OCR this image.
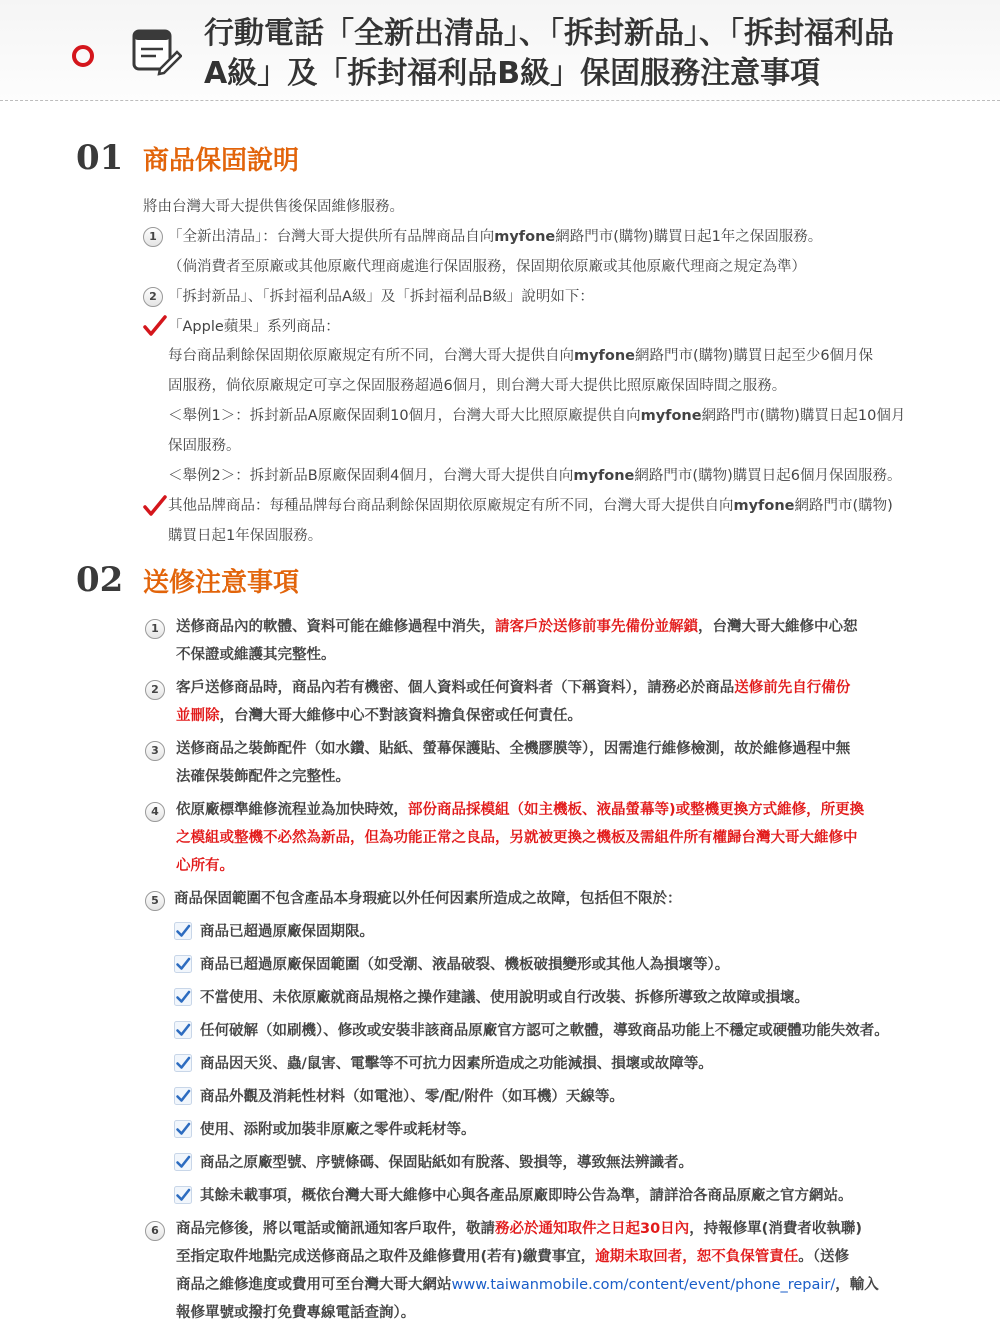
行動電話「全新出清品」、「拆封新品」、「拆封福利品
A級」及「拆封福利品B級」保固服務注意事項
01 商品保固說明
將由台灣大哥大提供售後保固維修服務。
1 「全新出清品」：台灣大哥大提供所有品牌商品自向myfone網路門市(購物)購買日起1年之保固服務。
（倘消費者至原廠或其他原廠代理商處進行保固服務，保固期依原廠或其他原廠代理商之規定為準）
2 「拆封新品」、「拆封福利品A級」及「拆封福利品B級」說明如下：
「Apple蘋果」系列商品：
每台商品剩餘保固期依原廠規定有所不同，台灣大哥大提供自向myfone網路門市(購物)購買日起至少6個月保
固服務，倘依原廠規定可享之保固服務超過6個月，則台灣大哥大提供比照原廠保固時間之服務。
＜舉例1＞：拆封新品A原廠保固剩10個月，台灣大哥大比照原廠提供自向myfone網路門市(購物)購買日起10個月
保固服務。
＜舉例2＞：拆封新品B原廠保固剩4個月，台灣大哥大提供自向myfone網路門市(購物)購買日起6個月保固服務。
其他品牌商品：每種品牌每台商品剩餘保固期依原廠規定有所不同，台灣大哥大提供自向myfone網路門市(購物)
購買日起1年保固服務。
02 送修注意事項
1	送修商品內的軟體、資料可能在維修過程中消失，請客戶於送修前事先備份並解鎖，台灣大哥大維修中心恕
不保證或維護其完整性。
2	客戶送修商品時，商品內若有機密、個人資料或任何資料者（下稱資料），請務必於商品送修前先自行備份
並刪除，台灣大哥大維修中心不對該資料擔負保密或任何責任。
3	送修商品之裝飾配件（如水鑽、貼紙、螢幕保護貼、全機膠膜等），因需進行維修檢測，故於維修過程中無
法確保裝飾配件之完整性。
4	依原廠標準維修流程並為加快時效，部份商品採模組（如主機板、液晶螢幕等)或整機更換方式維修，所更換
之模組或整機不必然為新品，但為功能正常之良品，另就被更換之機板及需組件所有權歸台灣大哥大維修中
心所有。
5	商品保固範圍不包含產品本身瑕疵以外任何因素所造成之故障，包括但不限於：
商品已超過原廠保固期限。
商品已超過原廠保固範圍（如受潮、液晶破裂、機板破損變形或其他人為損壞等）。
不當使用、未依原廠就商品規格之操作建議、使用說明或自行改裝、拆修所導致之故障或損壞。
任何破解（如刷機）、修改或安裝非該商品原廠官方認可之軟體，導致商品功能上不穩定或硬體功能失效者。
商品因天災、蟲/鼠害、電擊等不可抗力因素所造成之功能減損、損壞或故障等。
商品外觀及消耗性材料（如電池）、零/配/附件（如耳機）天線等。
使用、添附或加裝非原廠之零件或耗材等。
商品之原廠型號、序號條碼、保固貼紙如有脫落、毀損等，導致無法辨識者。
其餘未載事項，概依台灣大哥大維修中心與各產品原廠即時公告為準，請詳洽各商品原廠之官方網站。
6	商品完修後，將以電話或簡訊通知客戶取件，敬請務必於通知取件之日起30日內，持報修單(消費者收執聯)
至指定取件地點完成送修商品之取件及維修費用(若有)繳費事宜，逾期未取回者，恕不負保管責任。（送修
商品之維修進度或費用可至台灣大哥大網站www.taiwanmobile.com/content/event/phone_repair/，輸入
報修單號或撥打免費專線電話查詢）。
